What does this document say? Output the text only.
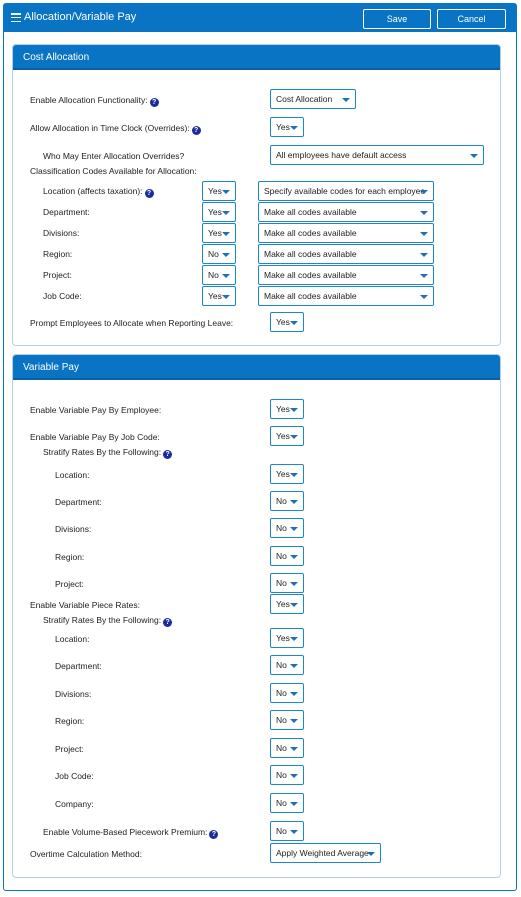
Allocation/Variable Pay	Save	Cancel
Cost Allocation
Enable Allocation Functionality: ?	Cost Allocation
Allow Allocation in Time Clock (Overrides): ?	Yes
Who May Enter Allocation Overrides?	All employees have default access
Classification Codes Available for Allocation:
Location (affects taxation): ?	Yes	Specify available codes for each employee
Department:	Yes	Make all codes available
Divisions:	Yes	Make all codes available
Region:	No	Make all codes available
Project:	No	Make all codes available
Job Code:	Yes	Make all codes available
Prompt Employees to Allocate when Reporting Leave:	Yes
Variable Pay
Enable Variable Pay By Employee:	Yes
Enable Variable Pay By Job Code:	Yes
Stratify Rates By the Following: ?
Location:	Yes
Department:	No
Divisions:	No
Region:	No
Project:	No
Enable Variable Piece Rates:	Yes
Stratify Rates By the Following: ?
Location:	Yes
Department:	No
Divisions:	No
Region:	No
Project:	No
Job Code:	No
Company:	No
Enable Volume-Based Piecework Premium: ?	No
Overtime Calculation Method:	Apply Weighted Average
